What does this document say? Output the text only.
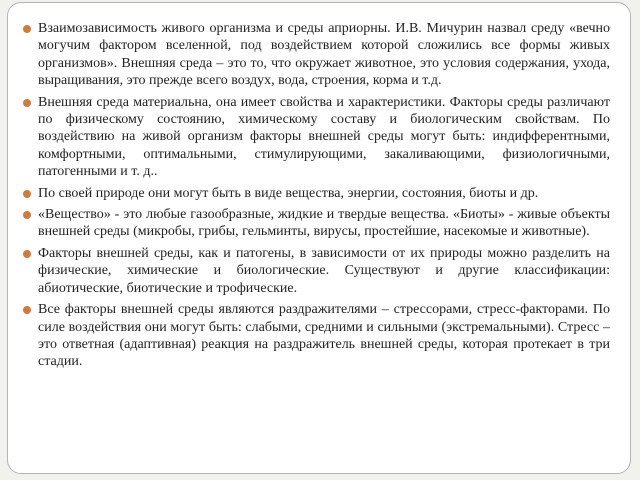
Взаимозависимость живого организма и среды априорны. И.В. Мичурин назвал среду «вечно могучим фактором вселенной, под воздействием которой сложились все формы живых организмов». Внешняя среда – это то, что окружает животное, это условия содержания, ухода, выращивания, это прежде всего воздух, вода, строения, корма и т.д.
Внешняя среда материальна, она имеет свойства и характеристики. Факторы среды различают по физическому состоянию, химическому составу и биологическим свойствам. По воздействию на живой организм факторы внешней среды могут быть: индифферентными, комфортными, оптимальными, стимулирующими, закаливающими, физиологичными, патогенными и т. д..
По своей природе они могут быть в виде вещества, энергии, состояния, биоты и др.
«Вещество» - это любые газообразные, жидкие и твердые вещества. «Биоты» - живые объекты внешней среды (микробы, грибы, гельминты, вирусы, простейшие, насекомые и животные).
Факторы внешней среды, как и патогены, в зависимости от их природы можно разделить на физические, химические и биологические. Существуют и другие классификации: абиотические, биотические и трофические.
Все факторы внешней среды являются раздражителями – стрессорами, стресс-факторами. По силе воздействия они могут быть: слабыми, средними и сильными (экстремальными). Стресс – это ответная (адаптивная) реакция на раздражитель внешней среды, которая протекает в три стадии.
